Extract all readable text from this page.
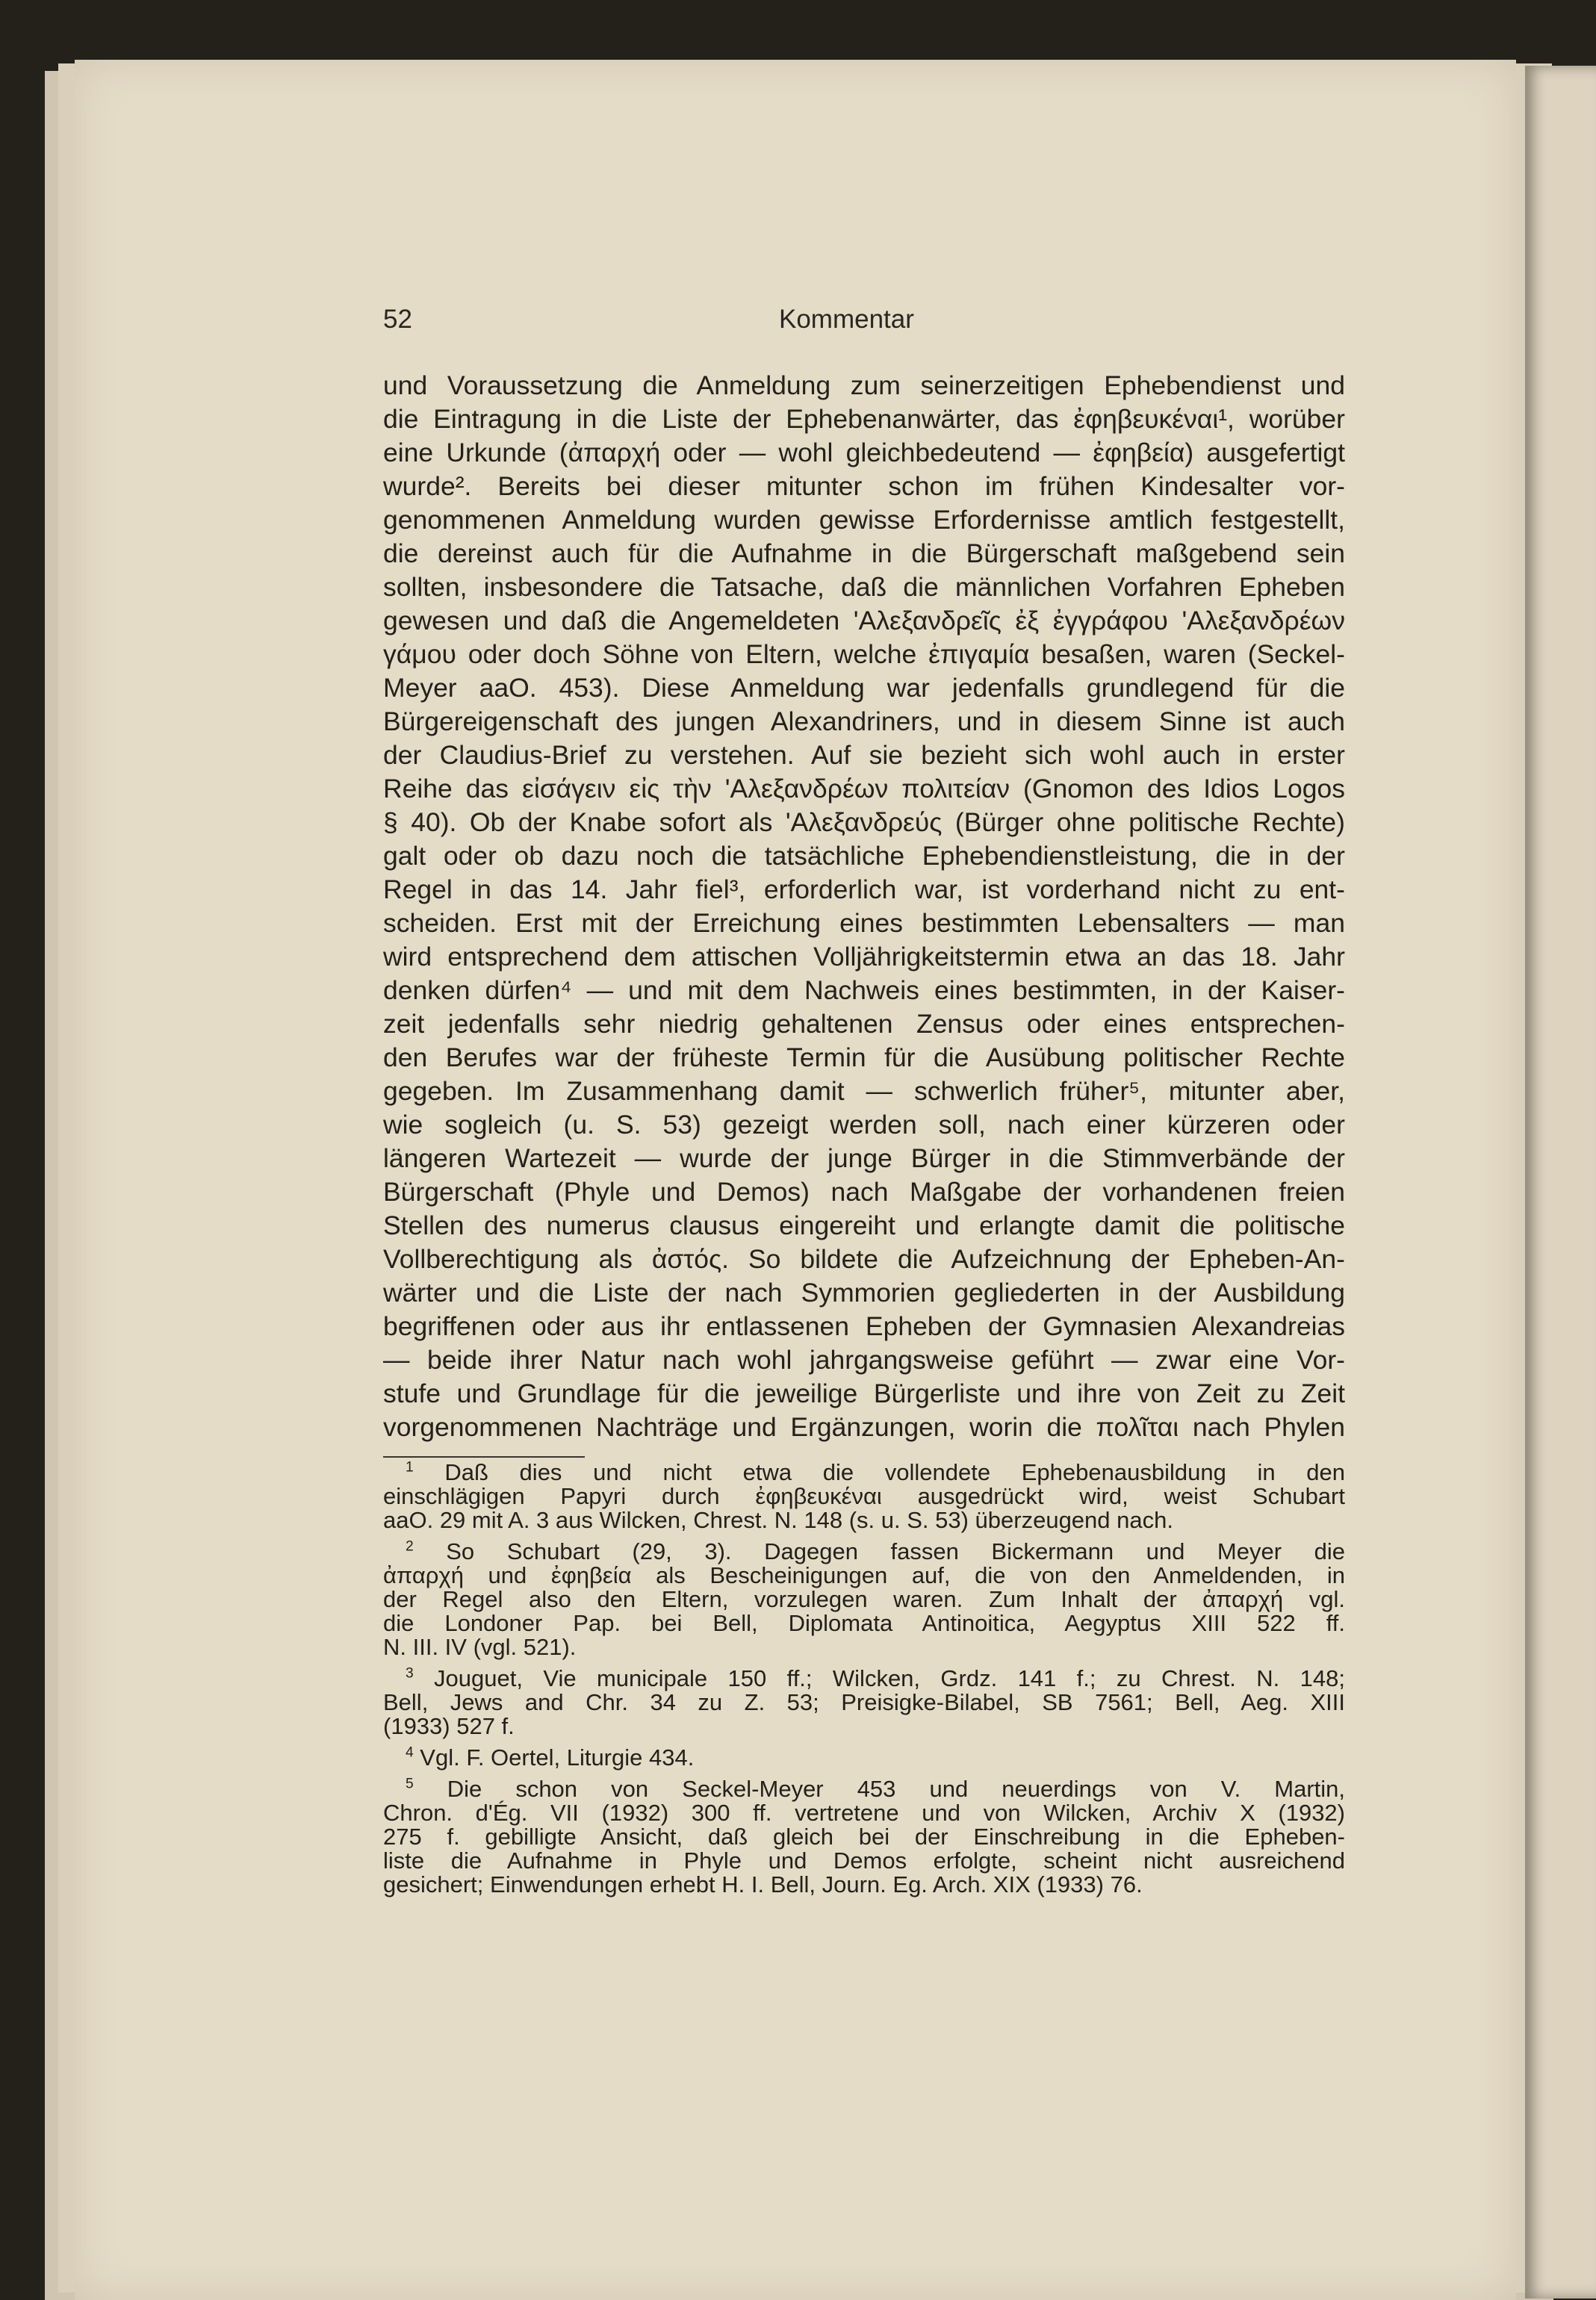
52	Kommentar
und Voraussetzung die Anmeldung zum seinerzeitigen Ephebendienst und
die Eintragung in die Liste der Ephebenanwärter, das ἐφηβευκέναι¹, worüber
eine Urkunde (ἀπαρχή oder — wohl gleichbedeutend — ἐφηβεία) ausgefertigt
wurde². Bereits bei dieser mitunter schon im frühen Kindesalter vor-
genommenen Anmeldung wurden gewisse Erfordernisse amtlich festgestellt,
die dereinst auch für die Aufnahme in die Bürgerschaft maßgebend sein
sollten, insbesondere die Tatsache, daß die männlichen Vorfahren Epheben
gewesen und daß die Angemeldeten 'Αλεξανδρεῖς ἐξ ἐγγράφου 'Αλεξανδρέων
γάμου oder doch Söhne von Eltern, welche ἐπιγαμία besaßen, waren (Seckel-
Meyer aaO. 453). Diese Anmeldung war jedenfalls grundlegend für die
Bürgereigenschaft des jungen Alexandriners, und in diesem Sinne ist auch
der Claudius-Brief zu verstehen. Auf sie bezieht sich wohl auch in erster
Reihe das εἰσάγειν εἰς τὴν 'Αλεξανδρέων πολιτείαν (Gnomon des Idios Logos
§ 40). Ob der Knabe sofort als 'Αλεξανδρεύς (Bürger ohne politische Rechte)
galt oder ob dazu noch die tatsächliche Ephebendienstleistung, die in der
Regel in das 14. Jahr fiel³, erforderlich war, ist vorderhand nicht zu ent-
scheiden. Erst mit der Erreichung eines bestimmten Lebensalters — man
wird entsprechend dem attischen Volljährigkeitstermin etwa an das 18. Jahr
denken dürfen⁴ — und mit dem Nachweis eines bestimmten, in der Kaiser-
zeit jedenfalls sehr niedrig gehaltenen Zensus oder eines entsprechen-
den Berufes war der früheste Termin für die Ausübung politischer Rechte
gegeben. Im Zusammenhang damit — schwerlich früher⁵, mitunter aber,
wie sogleich (u. S. 53) gezeigt werden soll, nach einer kürzeren oder
längeren Wartezeit — wurde der junge Bürger in die Stimmverbände der
Bürgerschaft (Phyle und Demos) nach Maßgabe der vorhandenen freien
Stellen des numerus clausus eingereiht und erlangte damit die politische
Vollberechtigung als ἀστός. So bildete die Aufzeichnung der Epheben-An-
wärter und die Liste der nach Symmorien gegliederten in der Ausbildung
begriffenen oder aus ihr entlassenen Epheben der Gymnasien Alexandreias
— beide ihrer Natur nach wohl jahrgangsweise geführt — zwar eine Vor-
stufe und Grundlage für die jeweilige Bürgerliste und ihre von Zeit zu Zeit
vorgenommenen Nachträge und Ergänzungen, worin die πολῖται nach Phylen
$^1$ Daß dies und nicht etwa die vollendete Ephebenausbildung in den
einschlägigen Papyri durch ἐφηβευκέναι ausgedrückt wird, weist Schubart
aaO. 29 mit A. 3 aus Wilcken, Chrest. N. 148 (s. u. S. 53) überzeugend nach.
$^2$ So Schubart (29, 3). Dagegen fassen Bickermann und Meyer die
ἀπαρχή und ἐφηβεία als Bescheinigungen auf, die von den Anmeldenden, in
der Regel also den Eltern, vorzulegen waren. Zum Inhalt der ἀπαρχή vgl.
die Londoner Pap. bei Bell, Diplomata Antinoitica, Aegyptus XIII 522 ff.
N. III. IV (vgl. 521).
$^3$ Jouguet, Vie municipale 150 ff.; Wilcken, Grdz. 141 f.; zu Chrest. N. 148;
Bell, Jews and Chr. 34 zu Z. 53; Preisigke-Bilabel, SB 7561; Bell, Aeg. XIII
(1933) 527 f.
$^4$ Vgl. F. Oertel, Liturgie 434.
$^5$ Die schon von Seckel-Meyer 453 und neuerdings von V. Martin,
Chron. d'Ég. VII (1932) 300 ff. vertretene und von Wilcken, Archiv X (1932)
275 f. gebilligte Ansicht, daß gleich bei der Einschreibung in die Epheben-
liste die Aufnahme in Phyle und Demos erfolgte, scheint nicht ausreichend
gesichert; Einwendungen erhebt H. I. Bell, Journ. Eg. Arch. XIX (1933) 76.
